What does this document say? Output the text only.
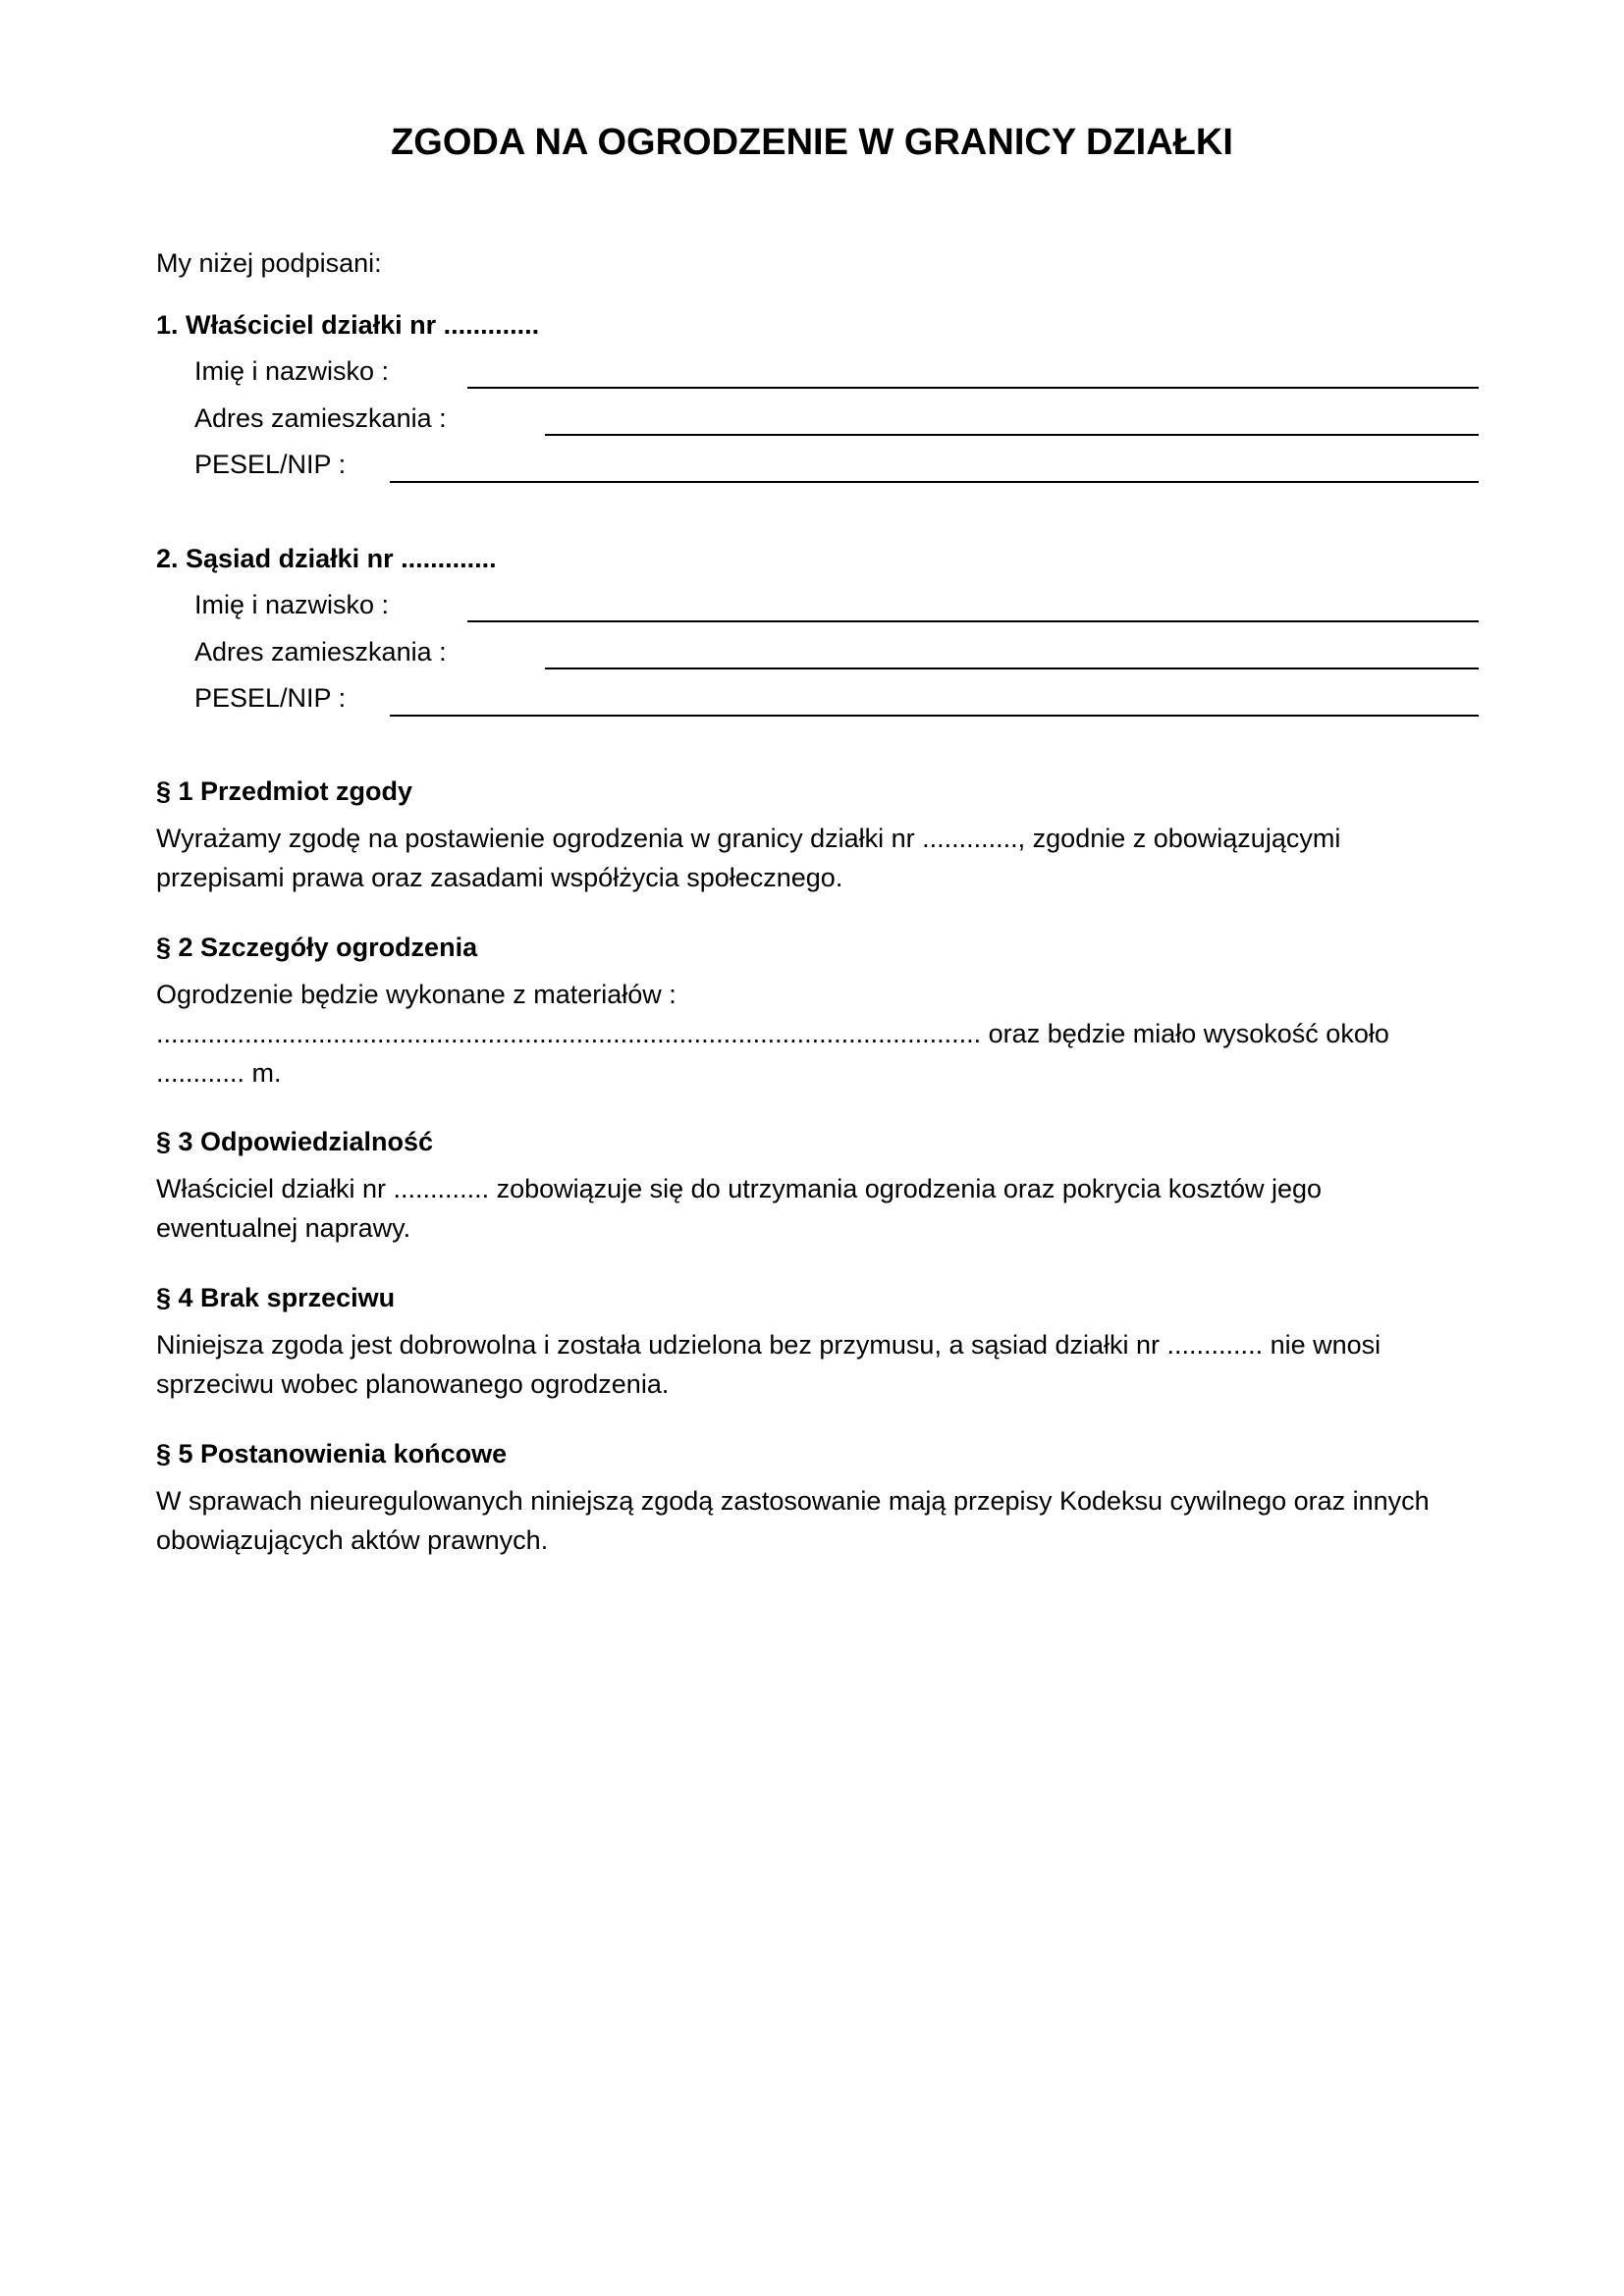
ZGODA NA OGRODZENIE W GRANICY DZIAŁKI

My niżej podpisani:

1. Właściciel działki nr .............

Imię i nazwisko :

Adres zamieszkania :

PESEL/NIP :

2. Sąsiad działki nr .............

Imię i nazwisko :

Adres zamieszkania :

PESEL/NIP :

§ 1 Przedmiot zgody

Wyrażamy zgodę na postawienie ogrodzenia w granicy działki nr ............., zgodnie z obowiązującymi
przepisami prawa oraz zasadami współżycia społecznego.

§ 2 Szczegóły ogrodzenia

Ogrodzenie będzie wykonane z materiałów :
................................................................................................................ oraz będzie miało wysokość około
............ m.

§ 3 Odpowiedzialność

Właściciel działki nr ............. zobowiązuje się do utrzymania ogrodzenia oraz pokrycia kosztów jego
ewentualnej naprawy.

§ 4 Brak sprzeciwu

Niniejsza zgoda jest dobrowolna i została udzielona bez przymusu, a sąsiad działki nr ............. nie wnosi
sprzeciwu wobec planowanego ogrodzenia.

§ 5 Postanowienia końcowe

W sprawach nieuregulowanych niniejszą zgodą zastosowanie mają przepisy Kodeksu cywilnego oraz innych
obowiązujących aktów prawnych.
